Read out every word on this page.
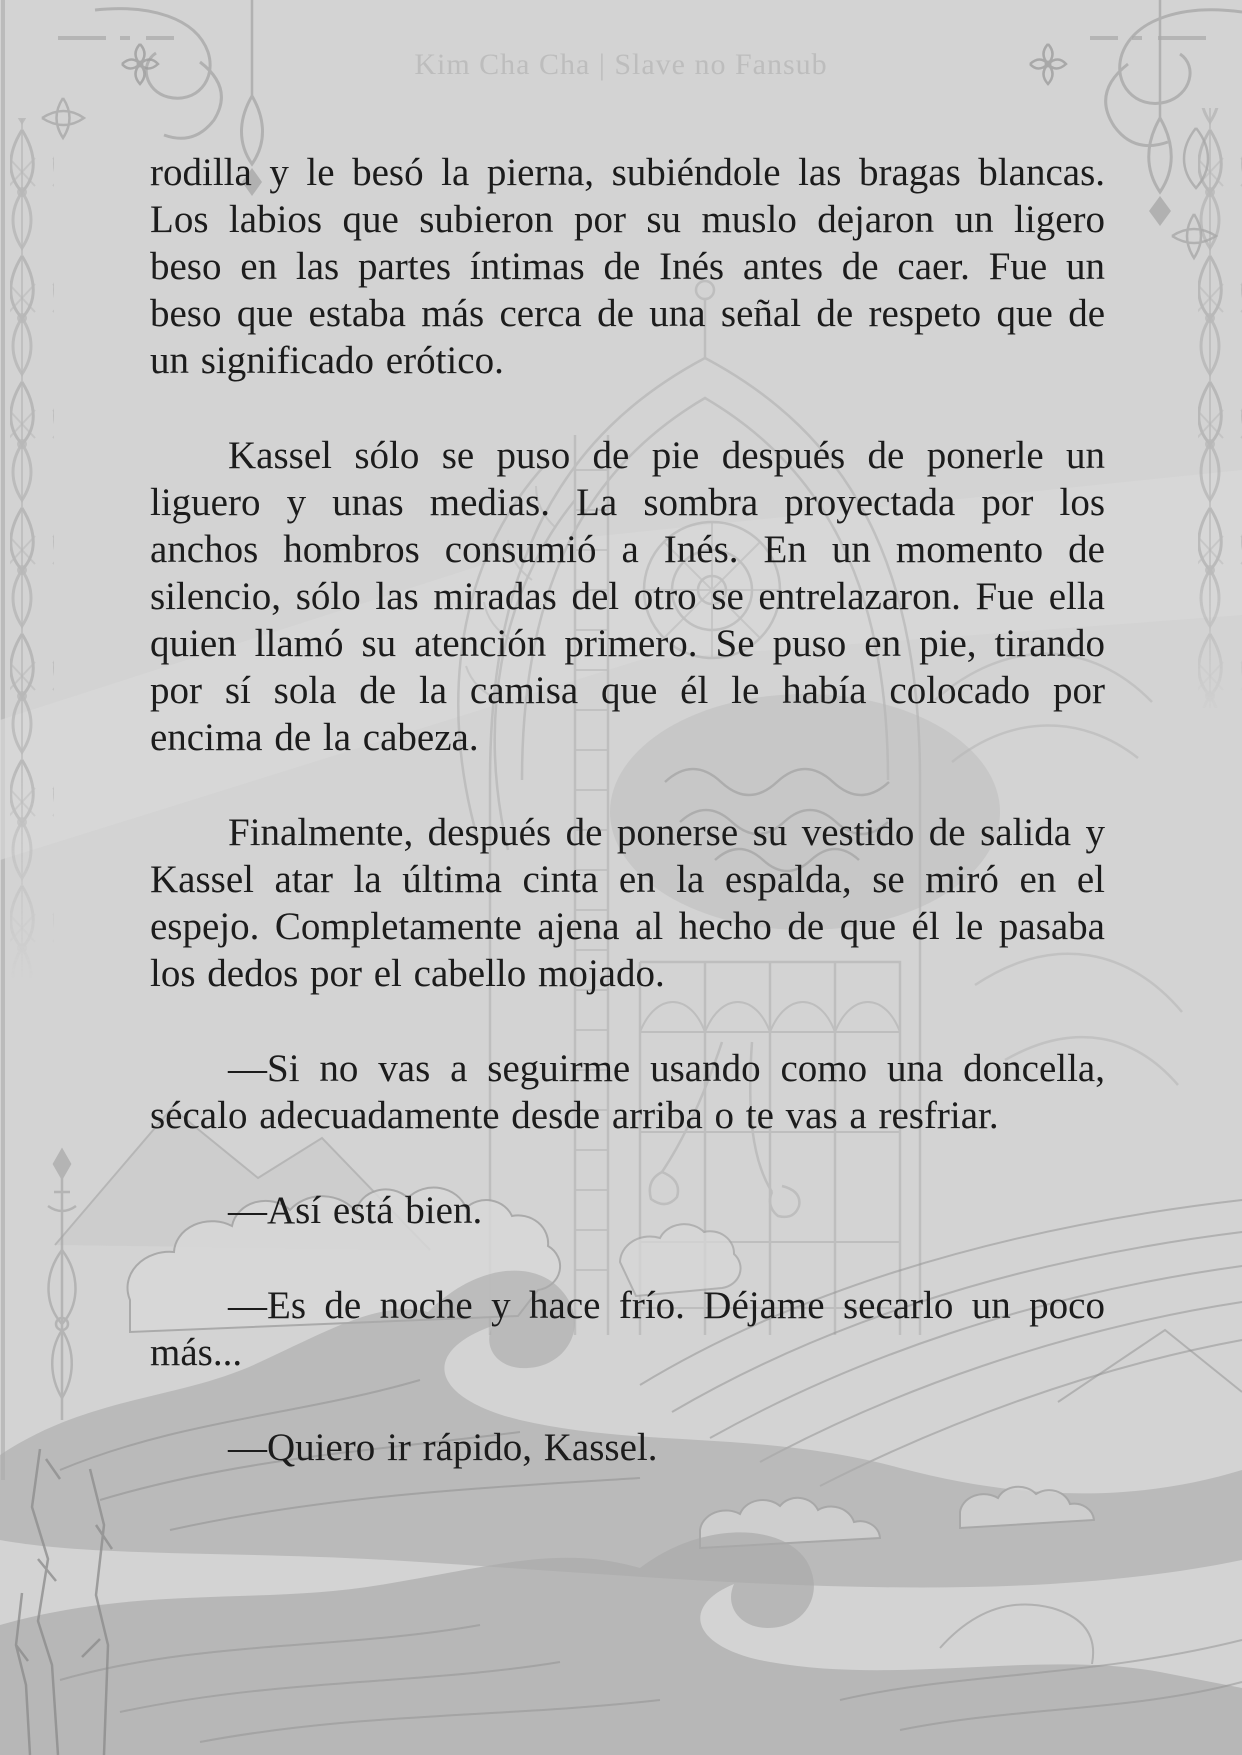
Kim Cha Cha | Slave no Fansub

rodilla y le besó la pierna, subiéndole las bragas blancas. Los labios que subieron por su muslo dejaron un ligero beso en las partes íntimas de Inés antes de caer. Fue un beso que estaba más cerca de una señal de respeto que de un significado erótico.

Kassel sólo se puso de pie después de ponerle un liguero y unas medias. La sombra proyectada por los anchos hombros consumió a Inés. En un momento de silencio, sólo las miradas del otro se entrelazaron. Fue ella quien llamó su atención primero. Se puso en pie, tirando por sí sola de la camisa que él le había colocado por encima de la cabeza.

Finalmente, después de ponerse su vestido de salida y Kassel atar la última cinta en la espalda, se miró en el espejo. Completamente ajena al hecho de que él le pasaba los dedos por el cabello mojado.

—Si no vas a seguirme usando como una doncella, sécalo adecuadamente desde arriba o te vas a resfriar.

—Así está bien.

—Es de noche y hace frío. Déjame secarlo un poco más...

—Quiero ir rápido, Kassel.
